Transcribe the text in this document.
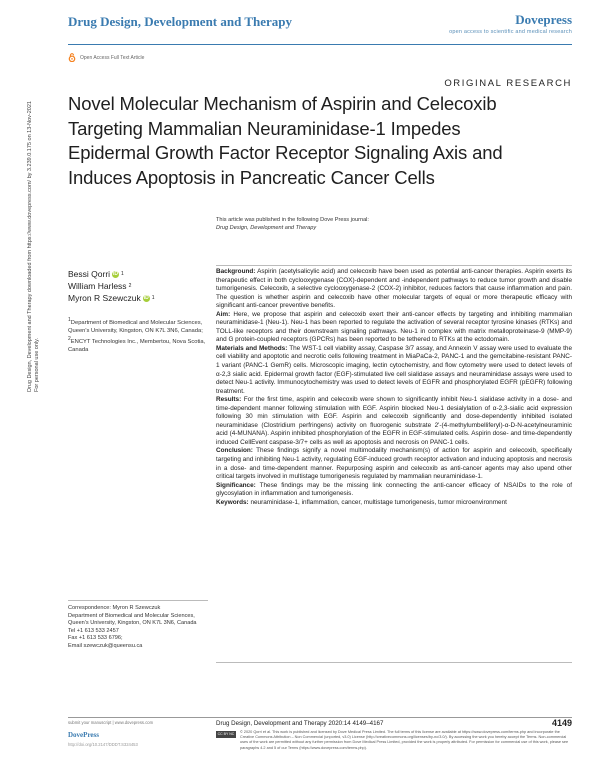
Drug Design, Development and Therapy	Dovepress
open access to scientific and medical research
Open Access Full Text Article
ORIGINAL RESEARCH
Novel Molecular Mechanism of Aspirin and Celecoxib
Targeting Mammalian Neuraminidase-1 Impedes
Epidermal Growth Factor Receptor Signaling Axis and
Induces Apoptosis in Pancreatic Cancer Cells
Drug Design, Development and Therapy downloaded from https://www.dovepress.com/ by 3.239.0.175 on 13-Nov-2021 For personal use only.
This article was published in the following Dove Press journal:
Drug Design, Development and Therapy
Bessi Qorri iD 1
William Harless 2
Myron R Szewczuk iD 1

1Department of Biomedical and Molecular Sciences, Queen's University, Kingston, ON K7L 3N6, Canada;

2ENCYT Technologies Inc., Membertou, Nova Scotia, Canada

Background: Aspirin (acetylsalicylic acid) and celecoxib have been used as potential anti-cancer therapies. Aspirin exerts its therapeutic effect in both cyclooxygenase (COX)-dependent and -independent pathways to reduce tumor growth and disable tumorigenesis. Celecoxib, a selective cyclooxygenase-2 (COX-2) inhibitor, reduces factors that cause inflammation and pain. The question is whether aspirin and celecoxib have other molecular targets of equal or more therapeutic efficacy with significant anti-cancer preventive benefits.

Aim: Here, we propose that aspirin and celecoxib exert their anti-cancer effects by targeting and inhibiting mammalian neuraminidase-1 (Neu-1). Neu-1 has been reported to regulate the activation of several receptor tyrosine kinases (RTKs) and TOLL-like receptors and their downstream signaling pathways. Neu-1 in complex with matrix metalloproteinase-9 (MMP-9) and G protein-coupled receptors (GPCRs) has been reported to be tethered to RTKs at the ectodomain.

Materials and Methods: The WST-1 cell viability assay, Caspase 3/7 assay, and Annexin V assay were used to evaluate the cell viability and apoptotic and necrotic cells following treatment in MiaPaCa-2, PANC-1 and the gemcitabine-resistant PANC-1 variant (PANC-1 GemR) cells. Microscopic imaging, lectin cytochemistry, and flow cytometry were used to detect levels of α-2,3 sialic acid. Epidermal growth factor (EGF)-stimulated live cell sialidase assays and neuraminidase assays were used to detect Neu-1 activity. Immunocytochemistry was used to detect levels of EGFR and phosphorylated EGFR (pEGFR) following treatment.

Results: For the first time, aspirin and celecoxib were shown to significantly inhibit Neu-1 sialidase activity in a dose- and time-dependent manner following stimulation with EGF. Aspirin blocked Neu-1 desialylation of α-2,3-sialic acid expression following 30 min stimulation with EGF. Aspirin and celecoxib significantly and dose-dependently inhibited isolated neuraminidase (Clostridium perfringens) activity on fluorogenic substrate 2'-(4-methylumbelliferyl)-α-D-N-acetylneuraminic acid (4-MUNANA). Aspirin inhibited phosphorylation of the EGFR in EGF-stimulated cells. Aspirin dose- and time-dependently induced CellEvent caspase-3/7+ cells as well as apoptosis and necrosis on PANC-1 cells.

Conclusion: These findings signify a novel multimodality mechanism(s) of action for aspirin and celecoxib, specifically targeting and inhibiting Neu-1 activity, regulating EGF-induced growth receptor activation and inducing apoptosis and necrosis in a dose- and time-dependent manner. Repurposing aspirin and celecoxib as anti-cancer agents may also upend other critical targets involved in multistage tumorigenesis regulated by mammalian neuraminidase-1.

Significance: These findings may be the missing link connecting the anti-cancer efficacy of NSAIDs to the role of glycosylation in inflammation and tumorigenesis.

Keywords: neuraminidase-1, inflammation, cancer, multistage tumorigenesis, tumor microenvironment

Correspondence: Myron R Szewczuk

Department of Biomedical and Molecular Sciences, Queen's University, Kingston, ON K7L 3N6, Canada

Tel +1 613 533 2457

Fax +1 613 533 6796;

Email szewczuk@queensu.ca

submit your manuscript | www.dovepress.com
DovePress
http://doi.org/10.2147/DDDT.S324453
Drug Design, Development and Therapy 2020:14 4149–4167	4149
CC BY NC	© 2020 Qorri et al. This work is published and licensed by Dove Medical Press Limited. The full terms of this license are available at https://www.dovepress.com/terms.php and incorporate the Creative Commons Attribution – Non Commercial (unported, v3.0) License (http://creativecommons.org/licenses/by-nc/3.0/). By accessing the work you hereby accept the Terms. Non-commercial uses of the work are permitted without any further permission from Dove Medical Press Limited, provided the work is properly attributed. For permission for commercial use of this work, please see paragraphs 4.2 and 5 of our Terms (https://www.dovepress.com/terms.php).
